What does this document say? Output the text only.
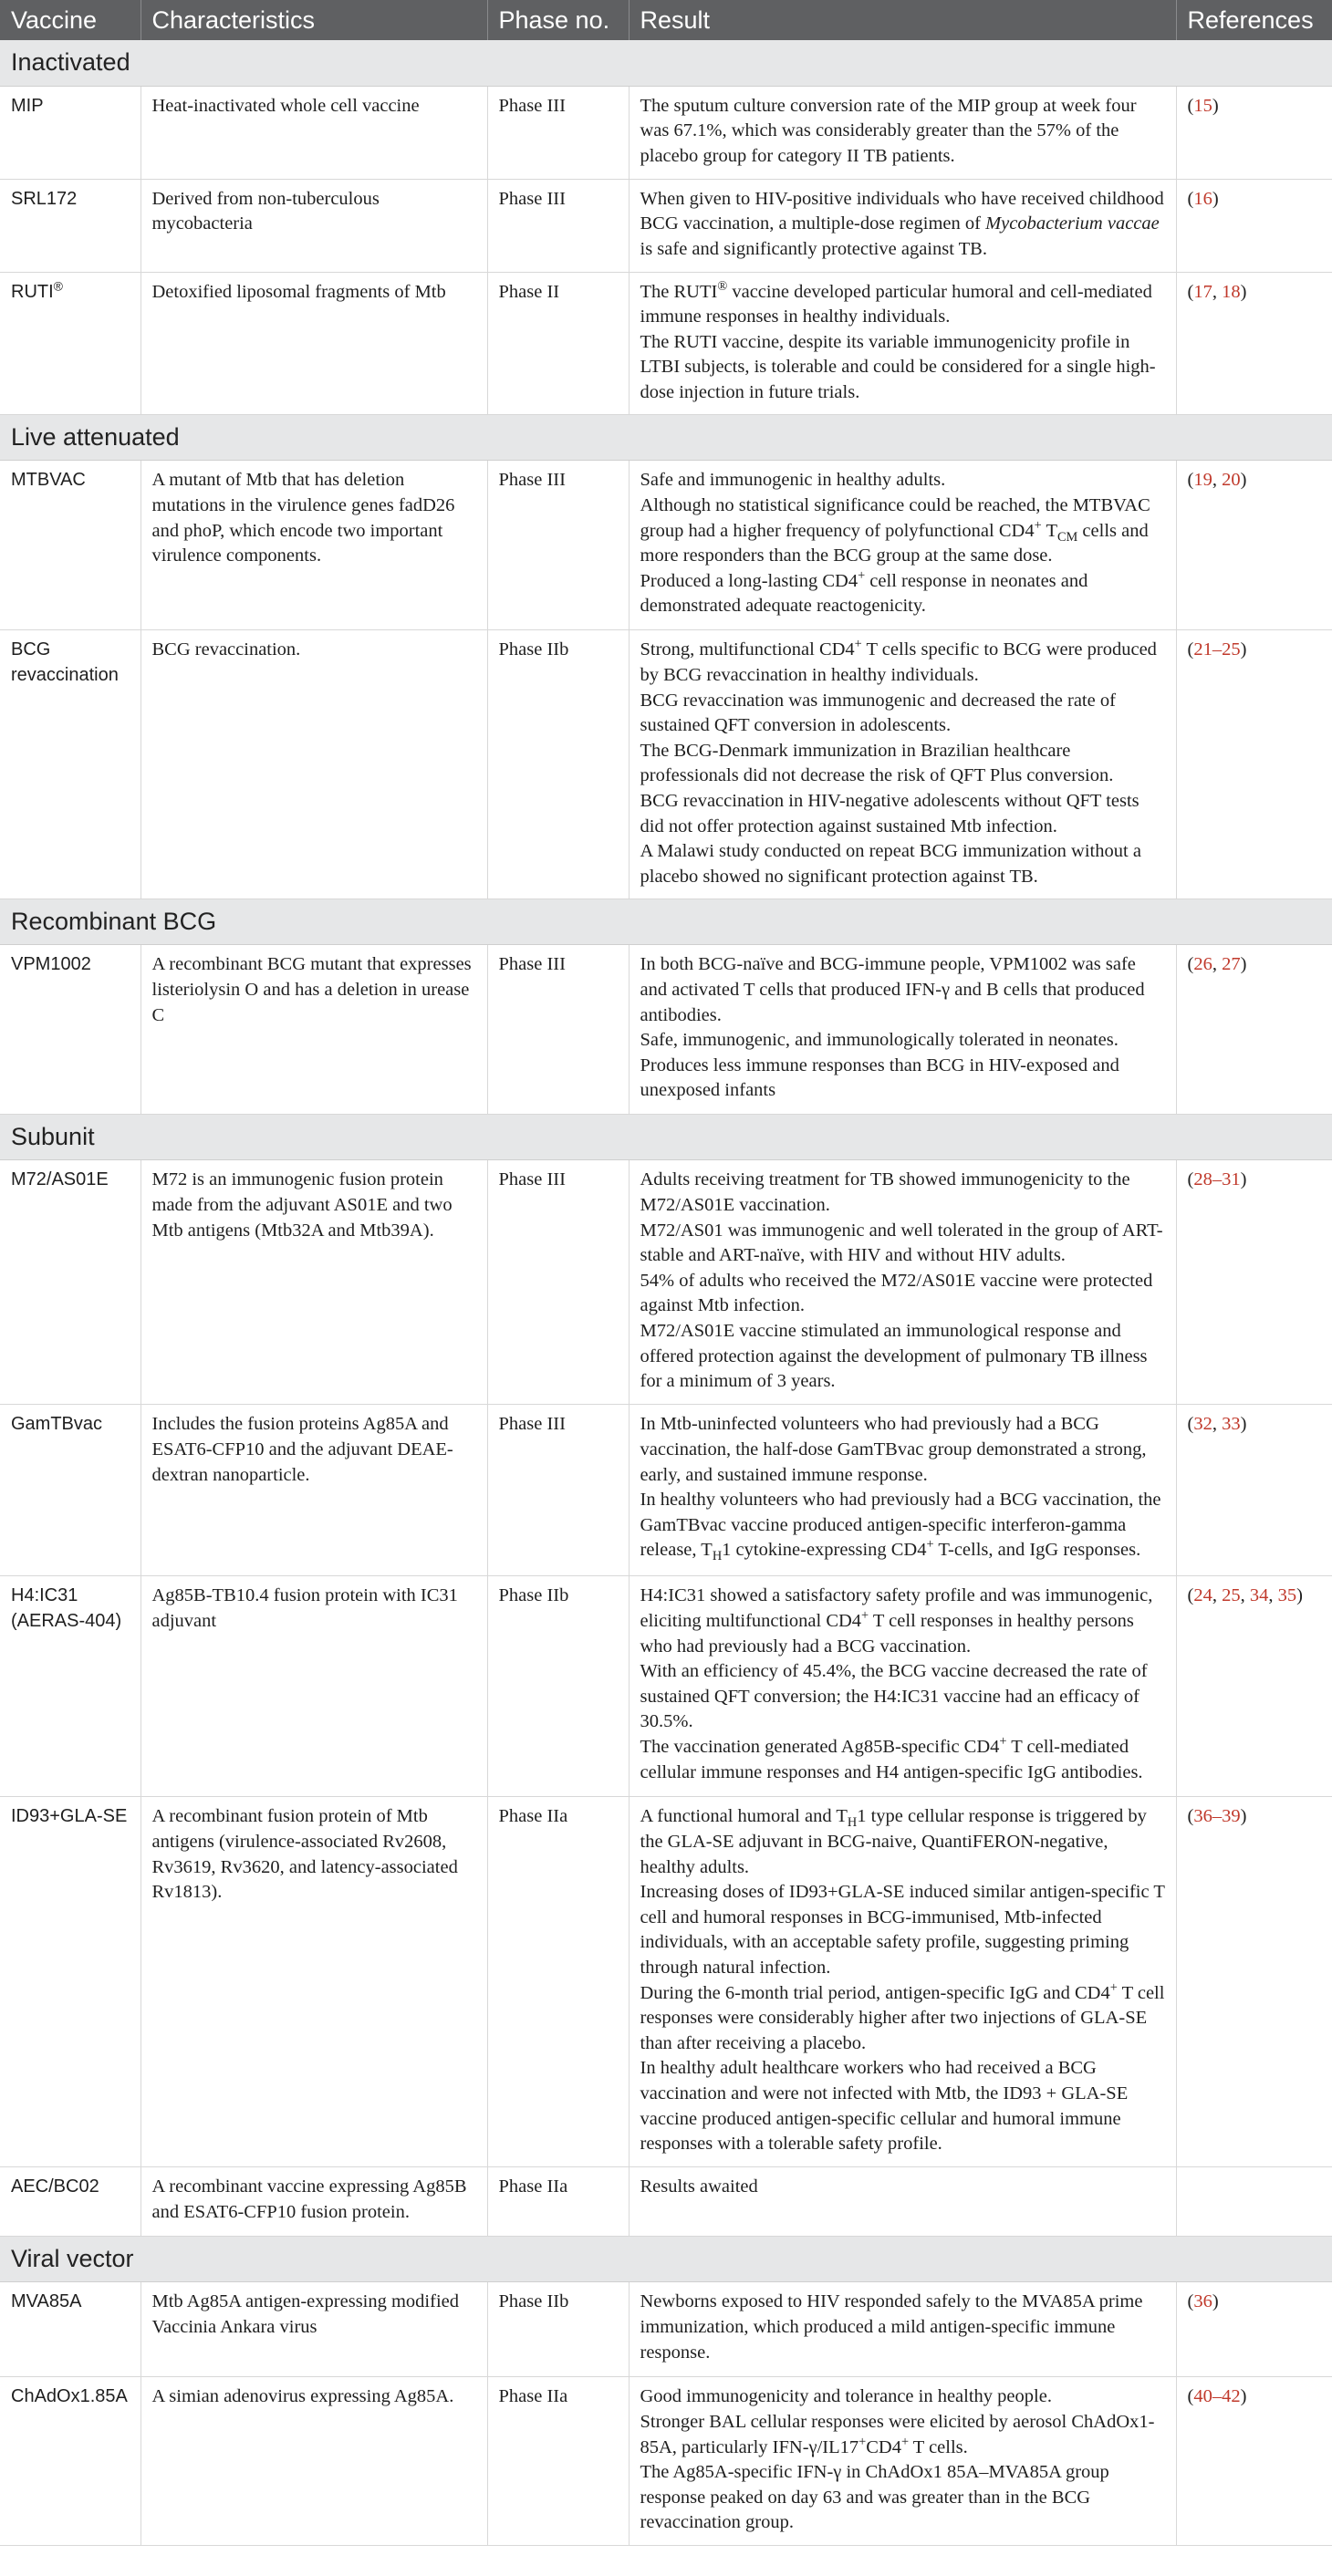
Vaccine	Characteristics	Phase no.	Result	References
Inactivated				
MIP	Heat-inactivated whole cell vaccine	Phase III	The sputum culture conversion rate of the MIP group at week four was 67.1%, which was considerably greater than the 57% of the placebo group for category II TB patients.	(15)
SRL172	Derived from non-tuberculous mycobacteria	Phase III	When given to HIV-positive individuals who have received childhood BCG vaccination, a multiple-dose regimen of Mycobacterium vaccae is safe and significantly protective against TB.	(16)
RUTI®	Detoxified liposomal fragments of Mtb	Phase II	The RUTI® vaccine developed particular humoral and cell-mediated immune responses in healthy individuals.
The RUTI vaccine, despite its variable immunogenicity profile in LTBI subjects, is tolerable and could be considered for a single high-dose injection in future trials.	(17, 18)
Live attenuated				
MTBVAC	A mutant of Mtb that has deletion mutations in the virulence genes fadD26 and phoP, which encode two important virulence components.	Phase III	Safe and immunogenic in healthy adults.
Although no statistical significance could be reached, the MTBVAC group had a higher frequency of polyfunctional CD4+ $T_{CM}$ cells and more responders than the BCG group at the same dose.
Produced a long-lasting CD4+ cell response in neonates and demonstrated adequate reactogenicity.	(19, 20)
BCG revaccination	BCG revaccination.	Phase IIb	Strong, multifunctional CD4+ T cells specific to BCG were produced by BCG revaccination in healthy individuals.
BCG revaccination was immunogenic and decreased the rate of sustained QFT conversion in adolescents.
The BCG-Denmark immunization in Brazilian healthcare professionals did not decrease the risk of QFT Plus conversion.
BCG revaccination in HIV-negative adolescents without QFT tests did not offer protection against sustained Mtb infection.
A Malawi study conducted on repeat BCG immunization without a placebo showed no significant protection against TB.	(21–25)
Recombinant BCG				
VPM1002	A recombinant BCG mutant that expresses listeriolysin O and has a deletion in urease C	Phase III	In both BCG-naïve and BCG-immune people, VPM1002 was safe and activated T cells that produced IFN-γ and B cells that produced antibodies.
Safe, immunogenic, and immunologically tolerated in neonates.
Produces less immune responses than BCG in HIV-exposed and unexposed infants	(26, 27)
Subunit				
M72/AS01E	M72 is an immunogenic fusion protein made from the adjuvant AS01E and two Mtb antigens (Mtb32A and Mtb39A).	Phase III	Adults receiving treatment for TB showed immunogenicity to the M72/AS01E vaccination.
M72/AS01 was immunogenic and well tolerated in the group of ART-stable and ART-naïve, with HIV and without HIV adults.
54% of adults who received the M72/AS01E vaccine were protected against Mtb infection.
M72/AS01E vaccine stimulated an immunological response and offered protection against the development of pulmonary TB illness for a minimum of 3 years.	(28–31)
GamTBvac	Includes the fusion proteins Ag85A and ESAT6-CFP10 and the adjuvant DEAE-dextran nanoparticle.	Phase III	In Mtb-uninfected volunteers who had previously had a BCG vaccination, the half-dose GamTBvac group demonstrated a strong, early, and sustained immune response.
In healthy volunteers who had previously had a BCG vaccination, the GamTBvac vaccine produced antigen-specific interferon-gamma release, $T_H1$ cytokine-expressing CD4+ T-cells, and IgG responses.	(32, 33)
H4:IC31 (AERAS-404)	Ag85B-TB10.4 fusion protein with IC31 adjuvant	Phase IIb	H4:IC31 showed a satisfactory safety profile and was immunogenic, eliciting multifunctional CD4+ T cell responses in healthy persons who had previously had a BCG vaccination.
With an efficiency of 45.4%, the BCG vaccine decreased the rate of sustained QFT conversion; the H4:IC31 vaccine had an efficacy of 30.5%.
The vaccination generated Ag85B-specific CD4+ T cell-mediated cellular immune responses and H4 antigen-specific IgG antibodies.	(24, 25, 34, 35)
ID93+GLA-SE	A recombinant fusion protein of Mtb antigens (virulence-associated Rv2608, Rv3619, Rv3620, and latency-associated Rv1813).	Phase IIa	A functional humoral and $T_H1$ type cellular response is triggered by the GLA-SE adjuvant in BCG-naive, QuantiFERON-negative, healthy adults.
Increasing doses of ID93+GLA-SE induced similar antigen-specific T cell and humoral responses in BCG-immunised, Mtb-infected individuals, with an acceptable safety profile, suggesting priming through natural infection.
During the 6-month trial period, antigen-specific IgG and CD4+ T cell responses were considerably higher after two injections of GLA-SE than after receiving a placebo.
In healthy adult healthcare workers who had received a BCG vaccination and were not infected with Mtb, the ID93 + GLA-SE vaccine produced antigen-specific cellular and humoral immune responses with a tolerable safety profile.	(36–39)
AEC/BC02	A recombinant vaccine expressing Ag85B and ESAT6-CFP10 fusion protein.	Phase IIa	Results awaited	

Viral vector				
MVA85A	Mtb Ag85A antigen-expressing modified Vaccinia Ankara virus	Phase IIb	Newborns exposed to HIV responded safely to the MVA85A prime immunization, which produced a mild antigen-specific immune response.	(36)
ChAdOx1.85A	A simian adenovirus expressing Ag85A.	Phase IIa	Good immunogenicity and tolerance in healthy people.
Stronger BAL cellular responses were elicited by aerosol ChAdOx1-85A, particularly IFN-γ/IL17+CD4+ T cells.
The Ag85A-specific IFN-γ in ChAdOx1 85A–MVA85A group response peaked on day 63 and was greater than in the BCG revaccination group.	(40–42)
